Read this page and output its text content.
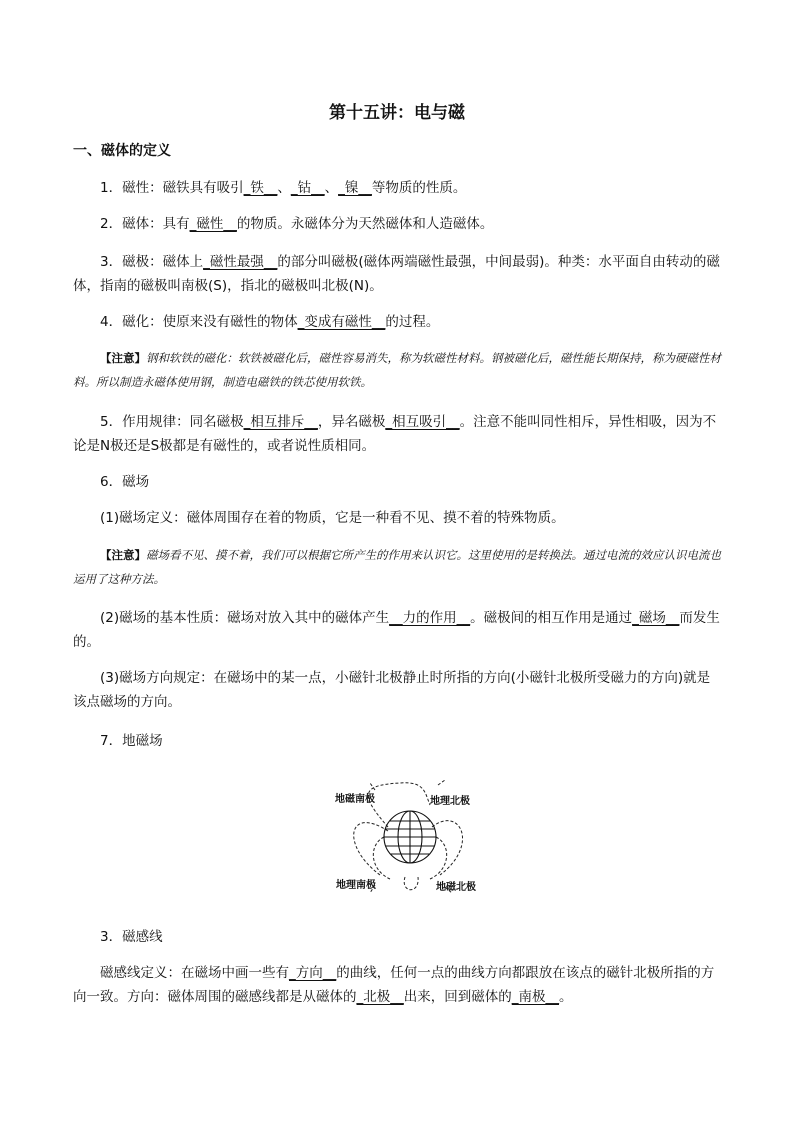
第十五讲：电与磁
一、磁体的定义
1．磁性：磁铁具有吸引_铁__、_钴__、_镍__等物质的性质。
2．磁体：具有_磁性__的物质。永磁体分为天然磁体和人造磁体。
3．磁极：磁体上_磁性最强__的部分叫磁极(磁体两端磁性最强，中间最弱)。种类：水平面自由转动的磁体，指南的磁极叫南极(S)，指北的磁极叫北极(N)。
4．磁化：使原来没有磁性的物体_变成有磁性__的过程。
【注意】钢和软铁的磁化：软铁被磁化后，磁性容易消失，称为软磁性材料。钢被磁化后，磁性能长期保持，称为硬磁性材料。所以制造永磁体使用钢，制造电磁铁的铁芯使用软铁。
5．作用规律：同名磁极_相互排斥__，异名磁极_相互吸引__。注意不能叫同性相斥，异性相吸，因为不论是N极还是S极都是有磁性的，或者说性质相同。
6．磁场
(1)磁场定义：磁体周围存在着的物质，它是一种看不见、摸不着的特殊物质。
【注意】磁场看不见、摸不着，我们可以根据它所产生的作用来认识它。这里使用的是转换法。通过电流的效应认识电流也运用了这种方法。
(2)磁场的基本性质：磁场对放入其中的磁体产生__力的作用__。磁极间的相互作用是通过_磁场__而发生的。
(3)磁场方向规定：在磁场中的某一点，小磁针北极静止时所指的方向(小磁针北极所受磁力的方向)就是该点磁场的方向。
7．地磁场
地磁南极	地理北极
地理南极	地磁北极
3．磁感线
磁感线定义：在磁场中画一些有_方向__的曲线，任何一点的曲线方向都跟放在该点的磁针北极所指的方向一致。方向：磁体周围的磁感线都是从磁体的_北极__出来，回到磁体的_南极__。
